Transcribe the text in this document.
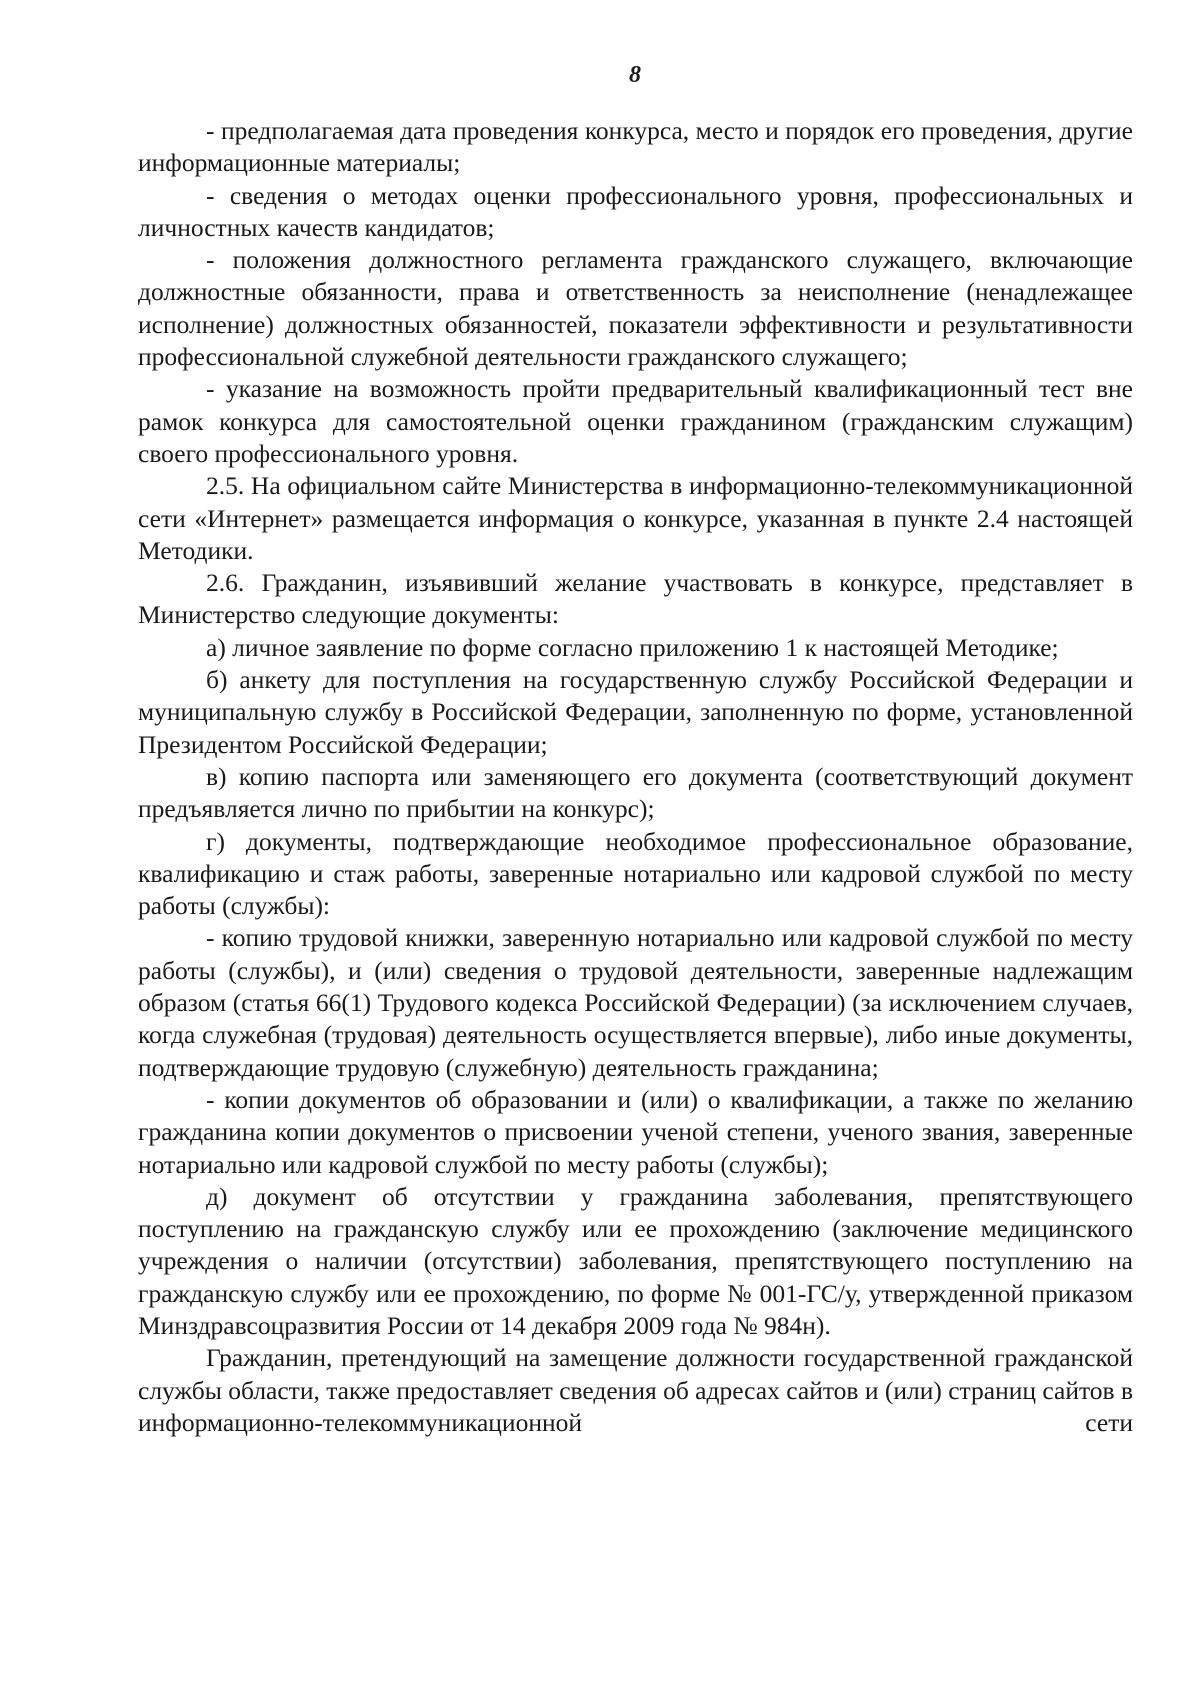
8

- предполагаемая дата проведения конкурса, место и порядок его проведения, другие информационные материалы;

- сведения о методах оценки профессионального уровня, профессиональных и личностных качеств кандидатов;

- положения должностного регламента гражданского служащего, включающие должностные обязанности, права и ответственность за неисполнение (ненадлежащее исполнение) должностных обязанностей, показатели эффективности и результативности профессиональной служебной деятельности гражданского служащего;

- указание на возможность пройти предварительный квалификационный тест вне рамок конкурса для самостоятельной оценки гражданином (гражданским служащим) своего профессионального уровня.

2.5. На официальном сайте Министерства в информационно-телекоммуникационной сети «Интернет» размещается информация о конкурсе, указанная в пункте 2.4 настоящей Методики.

2.6. Гражданин, изъявивший желание участвовать в конкурсе, представляет в Министерство следующие документы:

а) личное заявление по форме согласно приложению 1 к настоящей Методике;

б) анкету для поступления на государственную службу Российской Федерации и муниципальную службу в Российской Федерации, заполненную по форме, установленной Президентом Российской Федерации;

в) копию паспорта или заменяющего его документа (соответствующий документ предъявляется лично по прибытии на конкурс);

г) документы, подтверждающие необходимое профессиональное образование, квалификацию и стаж работы, заверенные нотариально или кадровой службой по месту работы (службы):

- копию трудовой книжки, заверенную нотариально или кадровой службой по месту работы (службы), и (или) сведения о трудовой деятельности, заверенные надлежащим образом (статья 66(1) Трудового кодекса Российской Федерации) (за исключением случаев, когда служебная (трудовая) деятельность осуществляется впервые), либо иные документы, подтверждающие трудовую (служебную) деятельность гражданина;

- копии документов об образовании и (или) о квалификации, а также по желанию гражданина копии документов о присвоении ученой степени, ученого звания, заверенные нотариально или кадровой службой по месту работы (службы);

д) документ об отсутствии у гражданина заболевания, препятствующего поступлению на гражданскую службу или ее прохождению (заключение медицинского учреждения о наличии (отсутствии) заболевания, препятствующего поступлению на гражданскую службу или ее прохождению, по форме № 001-ГС/у, утвержденной приказом Минздравсоцразвития России от 14 декабря 2009 года № 984н).

Гражданин, претендующий на замещение должности государственной гражданской службы области, также предоставляет сведения об адресах сайтов и (или) страниц сайтов в информационно-телекоммуникационной сети
